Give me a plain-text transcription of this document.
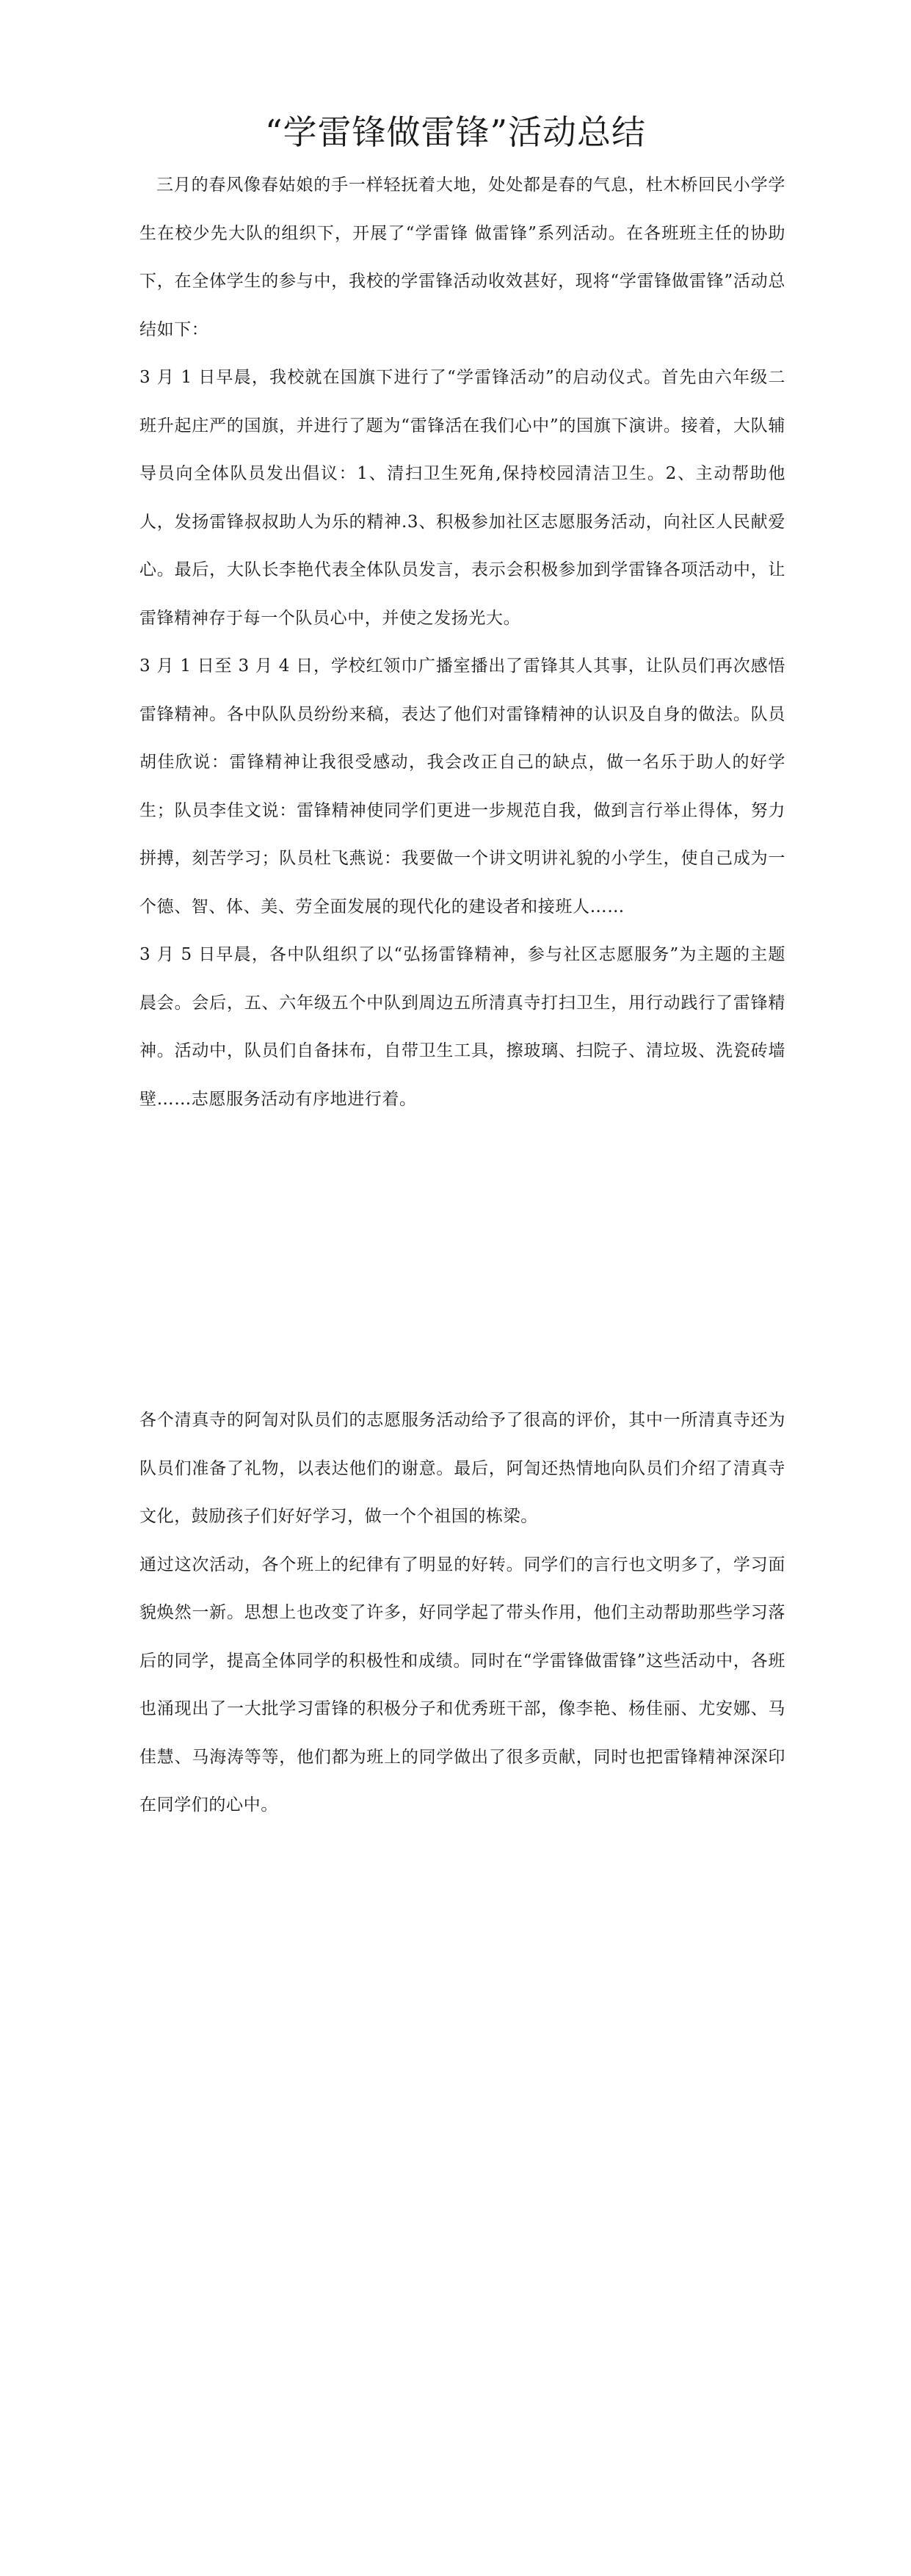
“学雷锋做雷锋”活动总结

三月的春风像春姑娘的手一样轻抚着大地，处处都是春的气息，杜木桥回民小学学生在校少先大队的组织下，开展了“学雷锋 做雷锋”系列活动。在各班班主任的协助下，在全体学生的参与中，我校的学雷锋活动收效甚好，现将“学雷锋做雷锋”活动总结如下：

3 月 1 日早晨，我校就在国旗下进行了“学雷锋活动”的启动仪式。首先由六年级二班升起庄严的国旗，并进行了题为“雷锋活在我们心中”的国旗下演讲。接着，大队辅导员向全体队员发出倡议：1、清扫卫生死角,保持校园清洁卫生。2、主动帮助他人，发扬雷锋叔叔助人为乐的精神.3、积极参加社区志愿服务活动，向社区人民献爱心。最后，大队长李艳代表全体队员发言，表示会积极参加到学雷锋各项活动中，让雷锋精神存于每一个队员心中，并使之发扬光大。

3 月 1 日至 3 月 4 日，学校红领巾广播室播出了雷锋其人其事，让队员们再次感悟雷锋精神。各中队队员纷纷来稿，表达了他们对雷锋精神的认识及自身的做法。队员胡佳欣说：雷锋精神让我很受感动，我会改正自己的缺点，做一名乐于助人的好学生；队员李佳文说：雷锋精神使同学们更进一步规范自我，做到言行举止得体，努力拼搏，刻苦学习；队员杜飞燕说：我要做一个讲文明讲礼貌的小学生，使自己成为一个德、智、体、美、劳全面发展的现代化的建设者和接班人……

3 月 5 日早晨，各中队组织了以“弘扬雷锋精神，参与社区志愿服务”为主题的主题晨会。会后，五、六年级五个中队到周边五所清真寺打扫卫生，用行动践行了雷锋精神。活动中，队员们自备抹布，自带卫生工具，擦玻璃、扫院子、清垃圾、洗瓷砖墙壁……志愿服务活动有序地进行着。

各个清真寺的阿訇对队员们的志愿服务活动给予了很高的评价，其中一所清真寺还为队员们准备了礼物，以表达他们的谢意。最后，阿訇还热情地向队员们介绍了清真寺文化，鼓励孩子们好好学习，做一个个祖国的栋梁。

通过这次活动，各个班上的纪律有了明显的好转。同学们的言行也文明多了，学习面貌焕然一新。思想上也改变了许多，好同学起了带头作用，他们主动帮助那些学习落后的同学，提高全体同学的积极性和成绩。同时在“学雷锋做雷锋”这些活动中，各班也涌现出了一大批学习雷锋的积极分子和优秀班干部，像李艳、杨佳丽、尤安娜、马佳慧、马海涛等等，他们都为班上的同学做出了很多贡献，同时也把雷锋精神深深印在同学们的心中。
